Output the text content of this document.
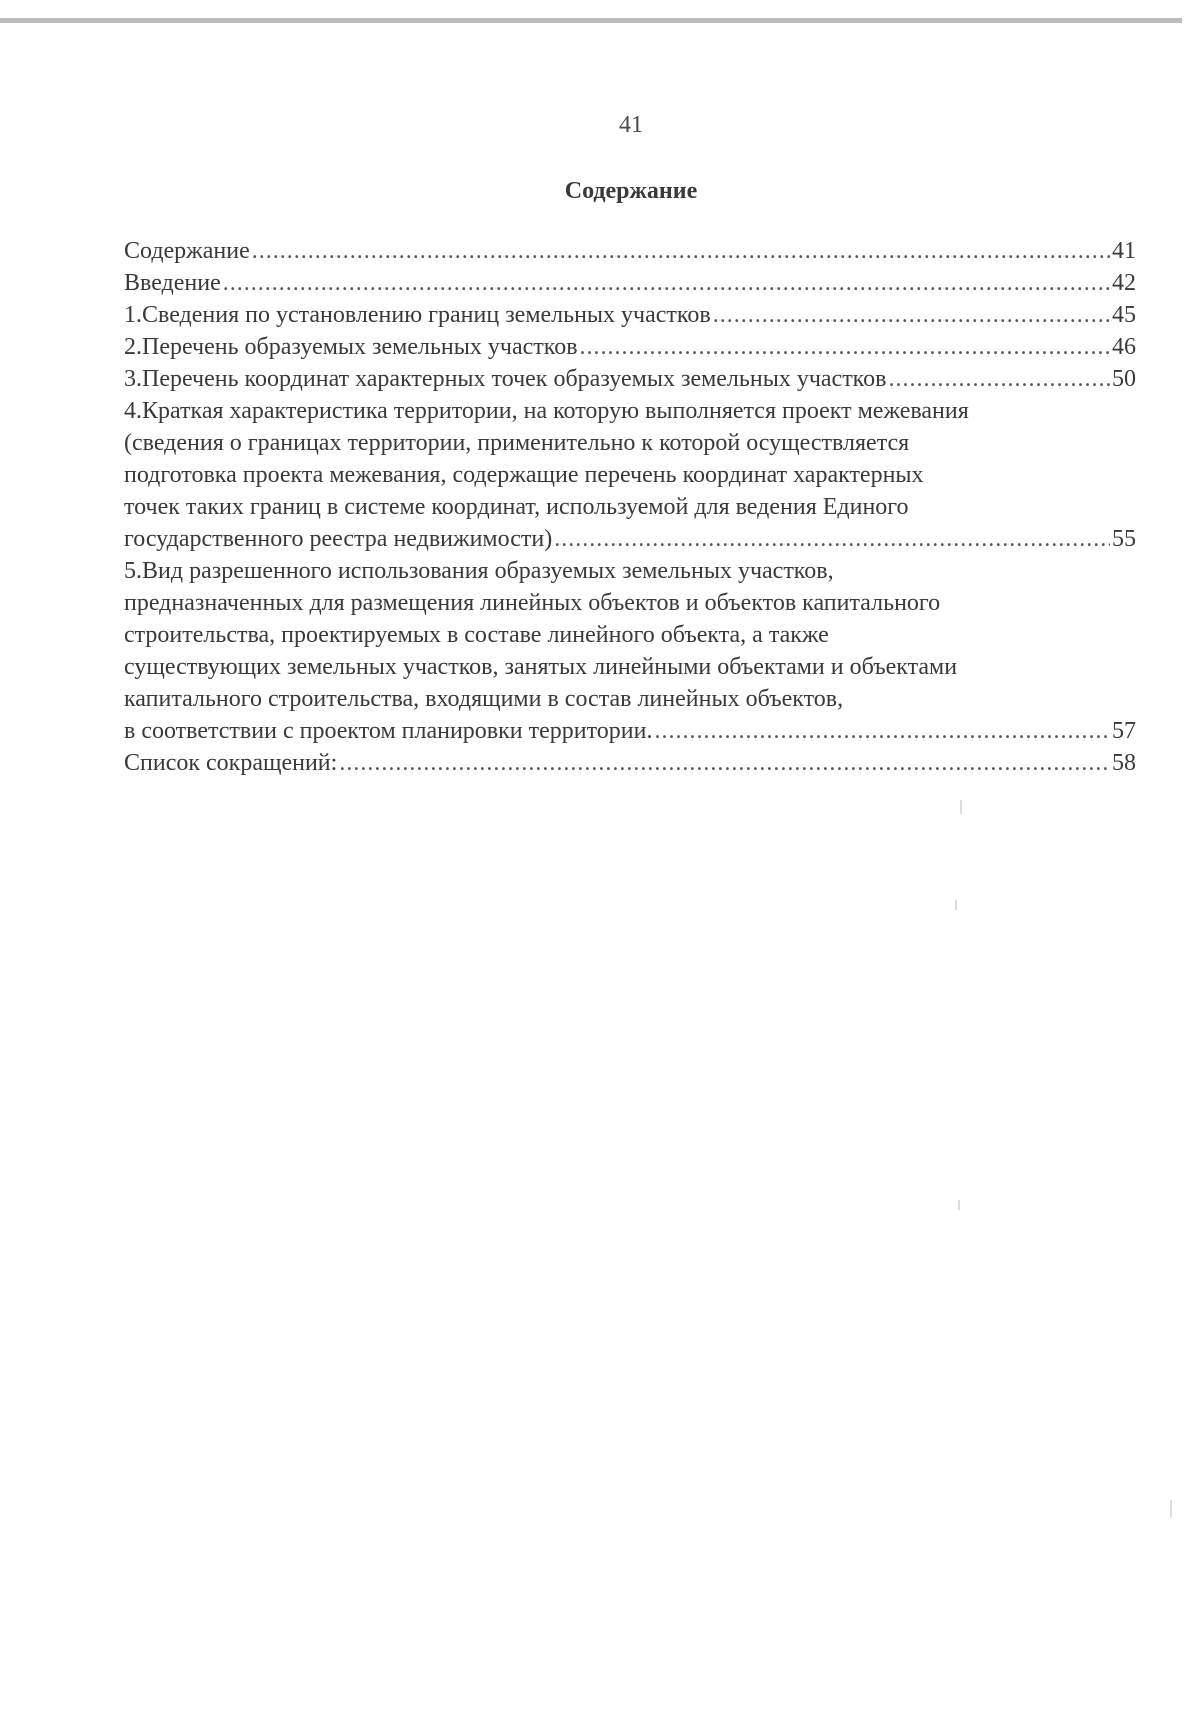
41
Содержание
Содержание .....	41
Введение .....	42
1.Сведения по установлению границ земельных участков .....	45
2.Перечень образуемых земельных участков .....	46
3.Перечень координат характерных точек образуемых земельных участков .....	50
4.Краткая характеристика территории, на которую выполняется проект межевания
(сведения о границах территории, применительно к которой осуществляется
подготовка проекта межевания, содержащие перечень координат характерных
точек таких границ в системе координат, используемой для ведения Единого
государственного реестра недвижимости) .....	55
5.Вид разрешенного использования образуемых земельных участков,
предназначенных для размещения линейных объектов и объектов капитального
строительства, проектируемых в составе линейного объекта, а также
существующих земельных участков, занятых линейными объектами и объектами
капитального строительства, входящими в состав линейных объектов,
в соответствии с проектом планировки территории. .....	57
Список сокращений: .....	58
